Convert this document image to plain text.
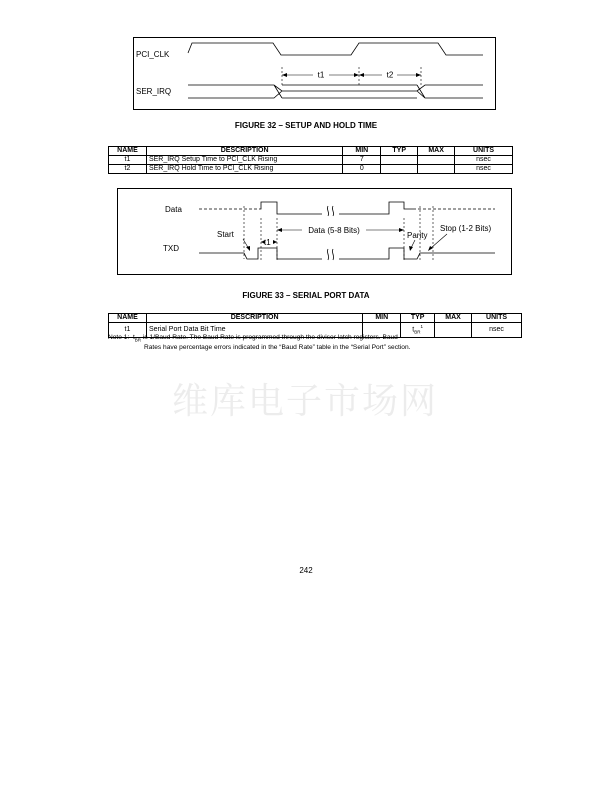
PCI_CLK
SER_IRQ
t1	t2
FIGURE 32 – SETUP AND HOLD TIME
NAME	DESCRIPTION	MIN	TYP	MAX	UNITS
t1	SER_IRQ Setup Time to PCI_CLK Rising	7			nsec
t2	SER_IRQ Hold Time to PCI_CLK Rising	0			nsec
Data
TXD
Start
t1
Data (5-8 Bits)
Parity
Stop (1-2 Bits)
FIGURE 33 – SERIAL PORT DATA
NAME	DESCRIPTION	MIN	TYP	MAX	UNITS
t1	Serial Port Data Bit Time		$t_{BR}^1$		nsec
Note 1: $t_{BR}$ is 1/Baud Rate. The Baud Rate is programmed through the divisor latch registers. Baud
Rates have percentage errors indicated in the “Baud Rate” table in the “Serial Port” section.
维库电子市场网
242
